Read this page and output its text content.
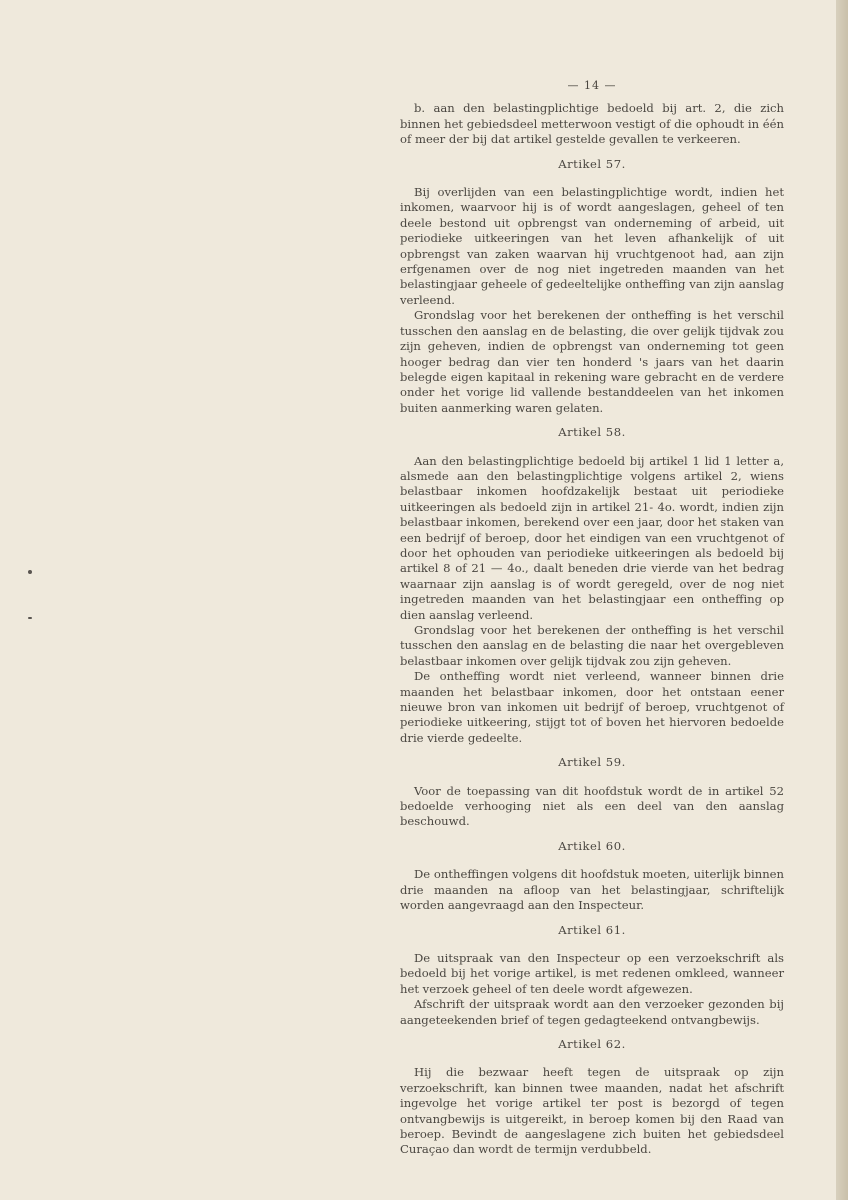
— 14 —

b. aan den belastingplichtige bedoeld bij art. 2, die zich binnen het gebiedsdeel metterwoon vestigt of die ophoudt in één of meer der bij dat artikel gestelde gevallen te verkeeren.

Artikel 57.

Bij overlijden van een belastingplichtige wordt, indien het inkomen, waarvoor hij is of wordt aangeslagen, geheel of ten deele bestond uit opbrengst van onderneming of arbeid, uit periodieke uitkeeringen van het leven afhankelijk of uit opbrengst van zaken waarvan hij vruchtgenoot had, aan zijn erfgenamen over de nog niet ingetreden maanden van het belastingjaar geheele of gedeeltelijke ontheffing van zijn aanslag verleend.

Grondslag voor het berekenen der ontheffing is het verschil tusschen den aanslag en de belasting, die over gelijk tijdvak zou zijn geheven, indien de opbrengst van onderneming tot geen hooger bedrag dan vier ten honderd 's jaars van het daarin belegde eigen kapitaal in rekening ware gebracht en de verdere onder het vorige lid vallende bestanddeelen van het inkomen buiten aanmerking waren gelaten.

Artikel 58.

Aan den belastingplichtige bedoeld bij artikel 1 lid 1 letter a, alsmede aan den belastingplichtige volgens artikel 2, wiens belastbaar inkomen hoofdzakelijk bestaat uit periodieke uitkeeringen als bedoeld zijn in artikel 21- 4o. wordt, indien zijn belastbaar inkomen, berekend over een jaar, door het staken van een bedrijf of beroep, door het eindigen van een vruchtgenot of door het ophouden van periodieke uitkeeringen als bedoeld bij artikel 8 of 21 — 4o., daalt beneden drie vierde van het bedrag waarnaar zijn aanslag is of wordt geregeld, over de nog niet ingetreden maanden van het belastingjaar een ontheffing op dien aanslag verleend.

Grondslag voor het berekenen der ontheffing is het verschil tusschen den aanslag en de belasting die naar het overgebleven belastbaar inkomen over gelijk tijdvak zou zijn geheven.

De ontheffing wordt niet verleend, wanneer binnen drie maanden het belastbaar inkomen, door het ontstaan eener nieuwe bron van inkomen uit bedrijf of beroep, vruchtgenot of periodieke uitkeering, stijgt tot of boven het hiervoren bedoelde drie vierde gedeelte.

Artikel 59.

Voor de toepassing van dit hoofdstuk wordt de in artikel 52 bedoelde verhooging niet als een deel van den aanslag beschouwd.

Artikel 60.

De ontheffingen volgens dit hoofdstuk moeten, uiterlijk binnen drie maanden na afloop van het belastingjaar, schriftelijk worden aangevraagd aan den Inspecteur.

Artikel 61.

De uitspraak van den Inspecteur op een verzoekschrift als bedoeld bij het vorige artikel, is met redenen omkleed, wanneer het verzoek geheel of ten deele wordt afgewezen.

Afschrift der uitspraak wordt aan den verzoeker gezonden bij aangeteekenden brief of tegen gedagteekend ontvangbewijs.

Artikel 62.

Hij die bezwaar heeft tegen de uitspraak op zijn verzoekschrift, kan binnen twee maanden, nadat het afschrift ingevolge het vorige artikel ter post is bezorgd of tegen ontvangbewijs is uitgereikt, in beroep komen bij den Raad van beroep. Bevindt de aangeslagene zich buiten het gebiedsdeel Curaçao dan wordt de termijn verdubbeld.
